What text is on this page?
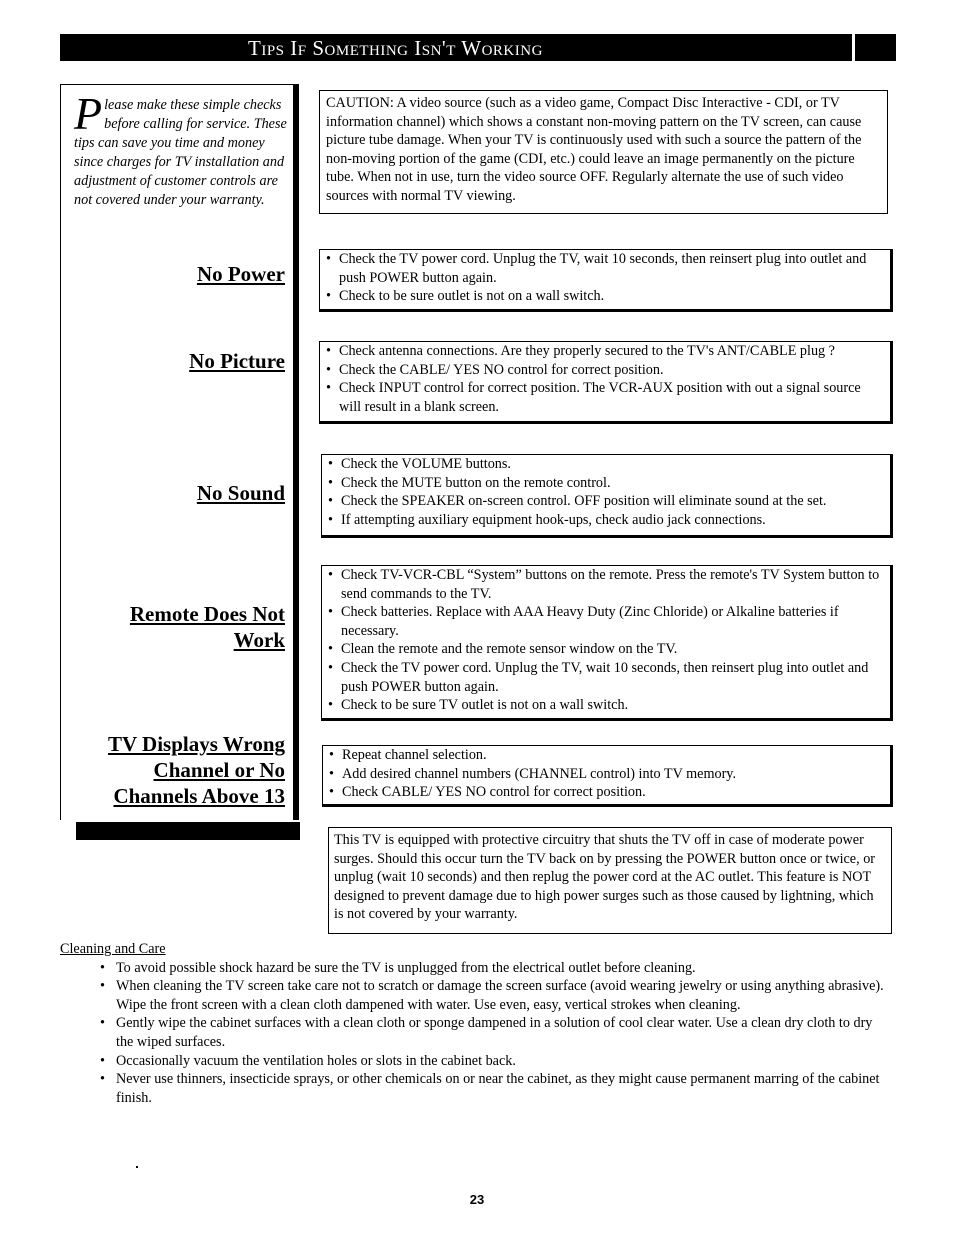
Tips If Something Isn't Working
Please make these simple checks before calling for service. These tips can save you time and money since charges for TV installation and adjustment of customer controls are not covered under your warranty.

CAUTION: A video source (such as a video game, Compact Disc Interactive - CDI, or TV information channel) which shows a constant non-moving pattern on the TV screen, can cause picture tube damage. When your TV is continuously used with such a source the pattern of the non-moving portion of the game (CDI, etc.) could leave an image permanently on the picture tube. When not in use, turn the video source OFF. Regularly alternate the use of such video sources with normal TV viewing.

No Power
• Check the TV power cord. Unplug the TV, wait 10 seconds, then reinsert plug into outlet and push POWER button again.
• Check to be sure outlet is not on a wall switch.
No Picture	• Check antenna connections. Are they properly secured to the TV's ANT/CABLE plug ?
• Check the CABLE/ YES NO control for correct position.
• Check INPUT control for correct position. The VCR-AUX position with out a signal source will result in a blank screen.
No Sound
• Check the VOLUME buttons.
• Check the MUTE button on the remote control.
• Check the SPEAKER on-screen control. OFF position will eliminate sound at the set.
• If attempting auxiliary equipment hook-ups, check audio jack connections.
Remote Does Not
Work
• Check TV-VCR-CBL “System” buttons on the remote. Press the remote's TV System button to send commands to the TV.
• Check batteries. Replace with AAA Heavy Duty (Zinc Chloride) or Alkaline batteries if necessary.
• Clean the remote and the remote sensor window on the TV.
• Check the TV power cord. Unplug the TV, wait 10 seconds, then reinsert plug into outlet and push POWER button again.
• Check to be sure TV outlet is not on a wall switch.
TV Displays Wrong
Channel or No
Channels Above 13
• Repeat channel selection.
• Add desired channel numbers (CHANNEL control) into TV memory.
• Check CABLE/ YES NO control for correct position.

This TV is equipped with protective circuitry that shuts the TV off in case of moderate power surges. Should this occur turn the TV back on by pressing the POWER button once or twice, or unplug (wait 10 seconds) and then replug the power cord at the AC outlet. This feature is NOT designed to prevent damage due to high power surges such as those caused by lightning, which is not covered by your warranty.

Cleaning and Care
• To avoid possible shock hazard be sure the TV is unplugged from the electrical outlet before cleaning.
• When cleaning the TV screen take care not to scratch or damage the screen surface (avoid wearing jewelry or using anything abrasive). Wipe the front screen with a clean cloth dampened with water. Use even, easy, vertical strokes when cleaning.
• Gently wipe the cabinet surfaces with a clean cloth or sponge dampened in a solution of cool clear water. Use a clean dry cloth to dry the wiped surfaces.
• Occasionally vacuum the ventilation holes or slots in the cabinet back.
• Never use thinners, insecticide sprays, or other chemicals on or near the cabinet, as they might cause permanent marring of the cabinet finish.
23
